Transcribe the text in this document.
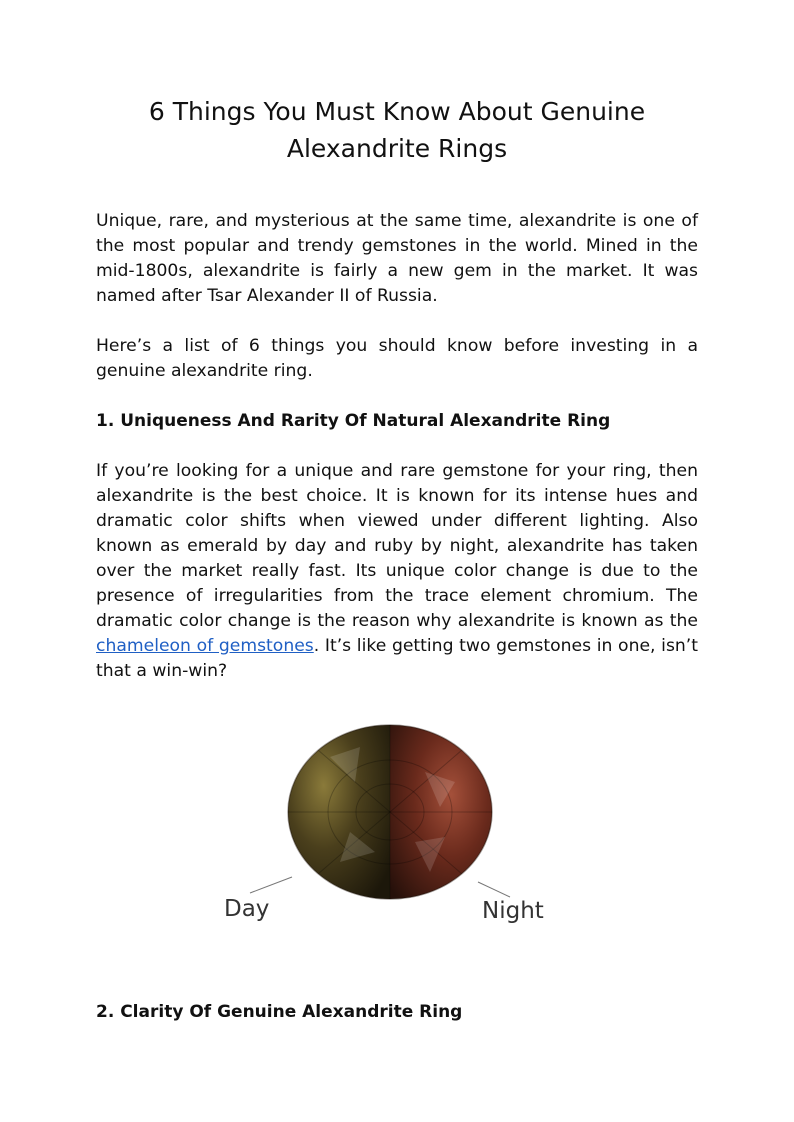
6 Things You Must Know About Genuine
Alexandrite Rings

Unique, rare, and mysterious at the same time, alexandrite is one of the most popular and trendy gemstones in the world. Mined in the mid-1800s, alexandrite is fairly a new gem in the market. It was named after Tsar Alexander II of Russia.

Here’s a list of 6 things you should know before investing in a genuine alexandrite ring.

1. Uniqueness And Rarity Of Natural Alexandrite Ring

If you’re looking for a unique and rare gemstone for your ring, then alexandrite is the best choice. It is known for its intense hues and dramatic color shifts when viewed under different lighting. Also known as emerald by day and ruby by night, alexandrite has taken over the market really fast. Its unique color change is due to the presence of irregularities from the trace element chromium. The dramatic color change is the reason why alexandrite is known as the chameleon of gemstones. It’s like getting two gemstones in one, isn’t that a win-win?

Day	Night
2. Clarity Of Genuine Alexandrite Ring
